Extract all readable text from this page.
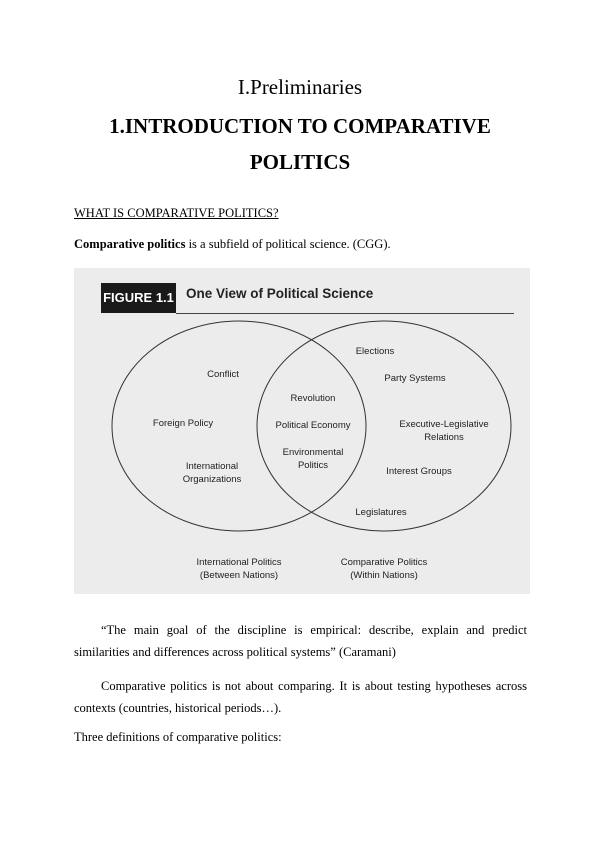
I.Preliminaries
1.INTRODUCTION TO COMPARATIVE POLITICS
WHAT IS COMPARATIVE POLITICS?
Comparative politics is a subfield of political science. (CGG).
FIGURE 1.1 One View of Political Science
Conflict
Foreign Policy
International Organizations
Revolution
Political Economy
Environmental Politics
Elections
Party Systems
Executive-Legislative Relations
Interest Groups
Legislatures
International Politics (Between Nations)
Comparative Politics (Within Nations)
“The main goal of the discipline is empirical: describe, explain and predict similarities and differences across political systems” (Caramani)
Comparative politics is not about comparing. It is about testing hypotheses across contexts (countries, historical periods…).
Three definitions of comparative politics:
